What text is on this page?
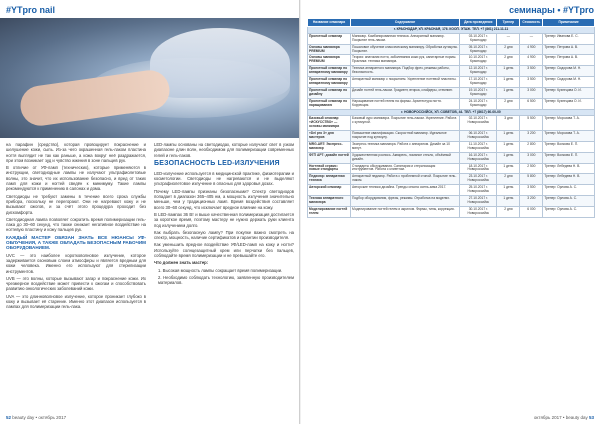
#YTpro nail

на парафин (средство), которая провоцирует покраснение и шелушение кожи, сыпь. Из-за чего окрашенная гель-лаком пластина ногтя выглядит не так как раньше, а кожа вокруг неё раздражается, при этом возникает зуд и чувство жжения в зоне пальцев рук.

В отличие от УФ-ламп (технических), которые применяются в инструкции, светодиодные лампы не излучают ультрафиолетовые волны, это значит, что их использование безопасно, и вред от таких ламп для кожи и ногтей сведён к минимуму. Такие лампы рекомендуются к применению в салонах и дома.

Светодиоды не требуют замены в течение всего срока службы прибора, поскольку не перегорают. Они не нагревают кожу и не вызывают ожогов, и за счёт этого процедура проходит без дискомфорта.

Светодиодная лампа позволяет сократить время полимеризации гель-лака до 30–60 секунд, что также снижает негативное воздействие на ногтевую пластину и кожу пальцев рук.

КАЖДЫЙ МАСТЕР ОБЯЗАН ЗНАТЬ ВСЕ НЮАНСЫ УФ-ОБЛУЧЕНИЯ, А ТАКЖЕ ОБЛАДАТЬ БЕЗОПАСНЫМ РАБОЧИМ ОБОРУДОВАНИЕМ.

UVC — это наиболее коротковолновое излучение, которое задерживается озоновым слоем атмосферы и является вредным для кожи человека. Именно его используют для стерилизации инструментов.

UVB — это волны, которые вызывают загар и покраснение кожи. Их чрезмерное воздействие может привести к ожогам и способствовать развитию онкологических заболеваний кожи.

UVA — это длинноволновое излучение, которое проникает глубоко в кожу и вызывает её старение. Именно этот диапазон используется в лампах для полимеризации гель-лака.

LED-лампы основаны на светодиодах, которые излучают свет в узком диапазоне длин волн, необходимом для полимеризации современных гелей и гель-лаков.

БЕЗОПАСНОСТЬ LED-ИЗЛУЧЕНИЯ

LED-излучение используется в медицинской практике, физиотерапии и косметологии. Светодиоды не нагреваются и не выделяют ультрафиолетовое излучение в опасных для здоровья дозах.

Почему LED-лампы признаны безопасными? Спектр светодиодов попадает в диапазон 365–405 нм, а мощность излучения значительно меньше, чем у традиционных ламп. Время воздействия составляет всего 30–60 секунд, что исключает вредное влияние на кожу.

В LED-лампах 36 Вт и выше качественная полимеризация достигается за короткое время, поэтому мастеру не нужно держать руки клиента под излучением долго.

Как выбрать безопасную лампу? При покупке важно смотреть на спектр, мощность, наличие сертификатов и гарантии производителя.

Как уменьшить вредное воздействие УФ/LED-ламп на кожу и ногти? Используйте солнцезащитный крем или перчатки без пальцев, соблюдайте время полимеризации и не превышайте его.

Что должен знать мастер:

1. Высокая мощность лампы сокращает время полимеризации.

2. Необходимо соблюдать технологию, заявленную производителем материалов.

52 beauty day • октябрь 2017
семинары • #YTpro
Название семинара	Содержание	Дата проведения	Тренер	Стоимость	Примечание
г. КРАСНОДАР, УЛ. КРАСНАЯ, 176. КООП. ЭТАЖ. ТЕЛ. +7 (861) 211-11-11					
Проектный семинар	Маникюр. Комбинированная техника. Аппаратный маникюр. Покрытие гель-лаком.	03.10.2017 г. Краснодар	—	—	Тренер: Иванова Е. С.
Основы маникюра PREMIUM	Пошаговое обучение классическому маникюру. Обработка кутикулы. Покрытие.	05.10.2017 г. Краснодар	2 дня	4 900	Тренер: Петрова А. В.
Основы маникюра PREMIUM	Теория: анатомия ногтя, заболевания кожи рук, санитарные нормы. Практика: техника маникюра.	10.10.2017 г. Краснодар	2 дня	4 900	Тренер: Петрова А. В.
Проектный семинар по аппаратному маникюру	Техника аппаратного маникюра. Подбор фрез, режимы работы, безопасность.	12.10.2017 г. Краснодар	1 день	3 500	Тренер: Сидорова М. Н.
Проектный семинар по аппаратному маникюру	Аппаратный маникюр с покрытием. Укрепление ногтевой пластины.	17.10.2017 г. Краснодар	1 день	3 500	Тренер: Сидорова М. Н.
Проектный семинар по дизайну	Дизайн ногтей гель-лаком. Градиент, втирка, слайдеры, стемпинг.	19.10.2017 г. Краснодар	1 день	3 000	Тренер: Кузнецова О. И.
Проектный семинар по наращиванию	Наращивание ногтей гелем на формы. Архитектура ногтя. Коррекция.	24.10.2017 г. Краснодар	2 дня	6 500	Тренер: Кузнецова О. И.
г. НОВОРОССИЙСК, УЛ. СОВЕТОВ, 44. ТЕЛ. +7 (8617) 60-00-00					
Базовый семинар «ИСКУССТВО» — основы маникюра	Базовый курс маникюра. Покрытие гель-лаком. Укрепление. Работа с кутикулой.	02.10.2017 г. Новороссийск	3 дня	5 500	Тренер: Морозова Т. А.
«Dеl рrо 3» для мастеров	Повышение квалификации. Скоростной маникюр. Идеальное покрытие под кутикулу.	06.10.2017 г. Новороссийск	1 день	3 200	Тренер: Морозова Т. А.
MRG-ART: Экспресс-маникюр	Экспресс-техника маникюра. Работа с аппаратом. Дизайн за 10 минут.	11.10.2017 г. Новороссийск	1 день	2 800	Тренер: Волкова Е. П.
ФГП АРТ: дизайн ногтей	Художественная роспись. Акварель, ломаное стекло, объёмный дизайн.	16.10.2017 г. Новороссийск	1 день	3 000	Тренер: Волкова Е. П.
Ногтевой сервис: новые стандарты	Стандарты обслуживания. Санитария и стерилизация инструментов. Работа с клиентом.	18.10.2017 г. Новороссийск	1 день	2 500	Тренер: Лебедева Н. В.
Педикюр: аппаратная техника	Аппаратный педикюр. Работа с проблемной стопой. Покрытие гель-лаком.	23.10.2017 г. Новороссийск	2 дня	5 800	Тренер: Лебедева Н. В.
Авторский семинар	Авторские техники дизайна. Тренды сезона осень-зима 2017.	25.10.2017 г. Новороссийск	1 день	3 500	Тренер: Орлова А. С.
Техника аппаратного маникюра	Подбор оборудования, фрезы, режимы. Отработка на моделях.	27.10.2017 г. Новороссийск	1 день	3 200	Тренер: Орлова А. С.
Моделирование ногтей гелем	Моделирование ногтей гелем и акрилом. Формы, типы, коррекция.	30.10.2017 г. Новороссийск	2 дня	6 000	Тренер: Орлова А. С.
октябрь 2017 • beauty day 53
